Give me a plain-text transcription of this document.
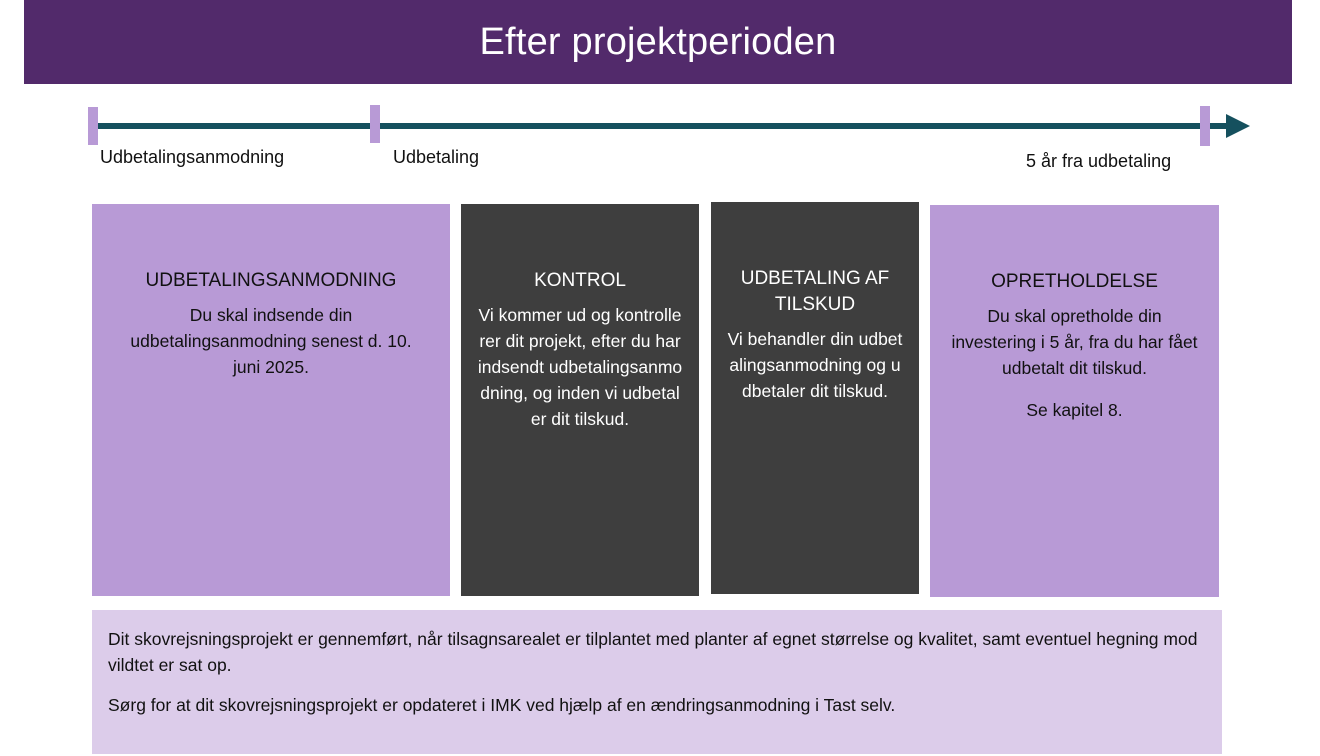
Efter projektperioden
Udbetalingsanmodning	Udbetaling	5 år fra udbetaling

UDBETALINGSANMODNING

Du skal indsende din udbetalingsanmodning senest d. 10. juni 2025.

KONTROL

Vi kommer ud og kontrollerer dit projekt, efter du har indsendt udbetalingsanmodning, og inden vi udbetaler dit tilskud.

UDBETALING AF TILSKUD

Vi behandler din udbetalingsanmodning og udbetaler dit tilskud.

OPRETHOLDELSE

Du skal opretholde din investering i 5 år, fra du har fået udbetalt dit tilskud.

Se kapitel 8.

Dit skovrejsningsprojekt er gennemført, når tilsagnsarealet er tilplantet med planter af egnet størrelse og kvalitet, samt eventuel hegning mod vildtet er sat op.

Sørg for at dit skovrejsningsprojekt er opdateret i IMK ved hjælp af en ændringsanmodning i Tast selv.
